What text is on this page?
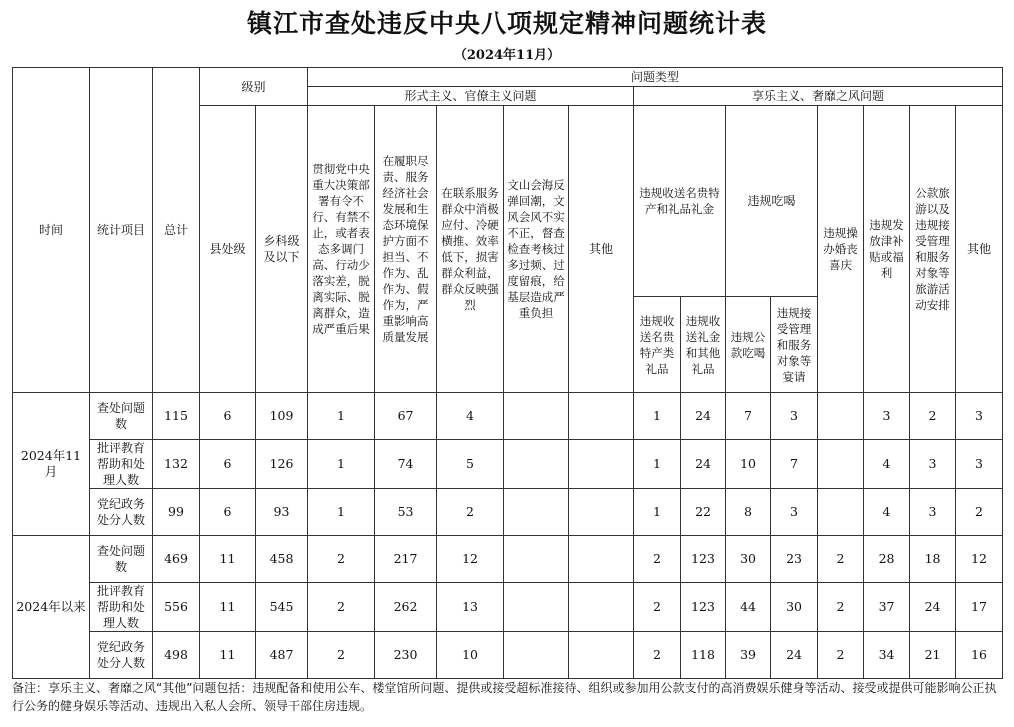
镇江市查处违反中央八项规定精神问题统计表
（2024年11月）
时间	统计项目	总计	级别		问题类型												
					形式主义、官僚主义问题					享乐主义、奢靡之风问题							
			县处级	乡科级及以下	贯彻党中央重大决策部署有令不行、有禁不止，或者表态多调门高、行动少落实差，脱离实际、脱离群众，造成严重后果	在履职尽责、服务经济社会发展和生态环境保护方面不担当、不作为、乱作为、假作为，严重影响高质量发展	在联系服务群众中消极应付、冷硬横推、效率低下，损害群众利益，群众反映强烈	文山会海反弹回潮，文风会风不实不正，督查检查考核过多过频、过度留痕，给基层造成严重负担	其他	违规收送名贵特产和礼品礼金		违规吃喝		违规操办婚丧喜庆	违规发放津补贴或福利	公款旅游以及违规接受管理和服务对象等旅游活动安排	其他
										违规收送名贵特产类礼品	违规收送礼金和其他礼品	违规公款吃喝	违规接受管理和服务对象等宴请				
2024年11月	查处问题数	115	6	109	1	67	4			1	24	7	3		3	2	3
	批评教育帮助和处理人数	132	6	126	1	74	5			1	24	10	7		4	3	3
	党纪政务处分人数	99	6	93	1	53	2			1	22	8	3		4	3	2
2024年以来	查处问题数	469	11	458	2	217	12			2	123	30	23	2	28	18	12
	批评教育帮助和处理人数	556	11	545	2	262	13			2	123	44	30	2	37	24	17
	党纪政务处分人数	498	11	487	2	230	10			2	118	39	24	2	34	21	16
备注：享乐主义、奢靡之风“其他”问题包括：违规配备和使用公车、楼堂馆所问题、提供或接受超标准接待、组织或参加用公款支付的高消费娱乐健身等活动、接受或提供可能影响公正执行公务的健身娱乐等活动、违规出入私人会所、领导干部住房违规。
